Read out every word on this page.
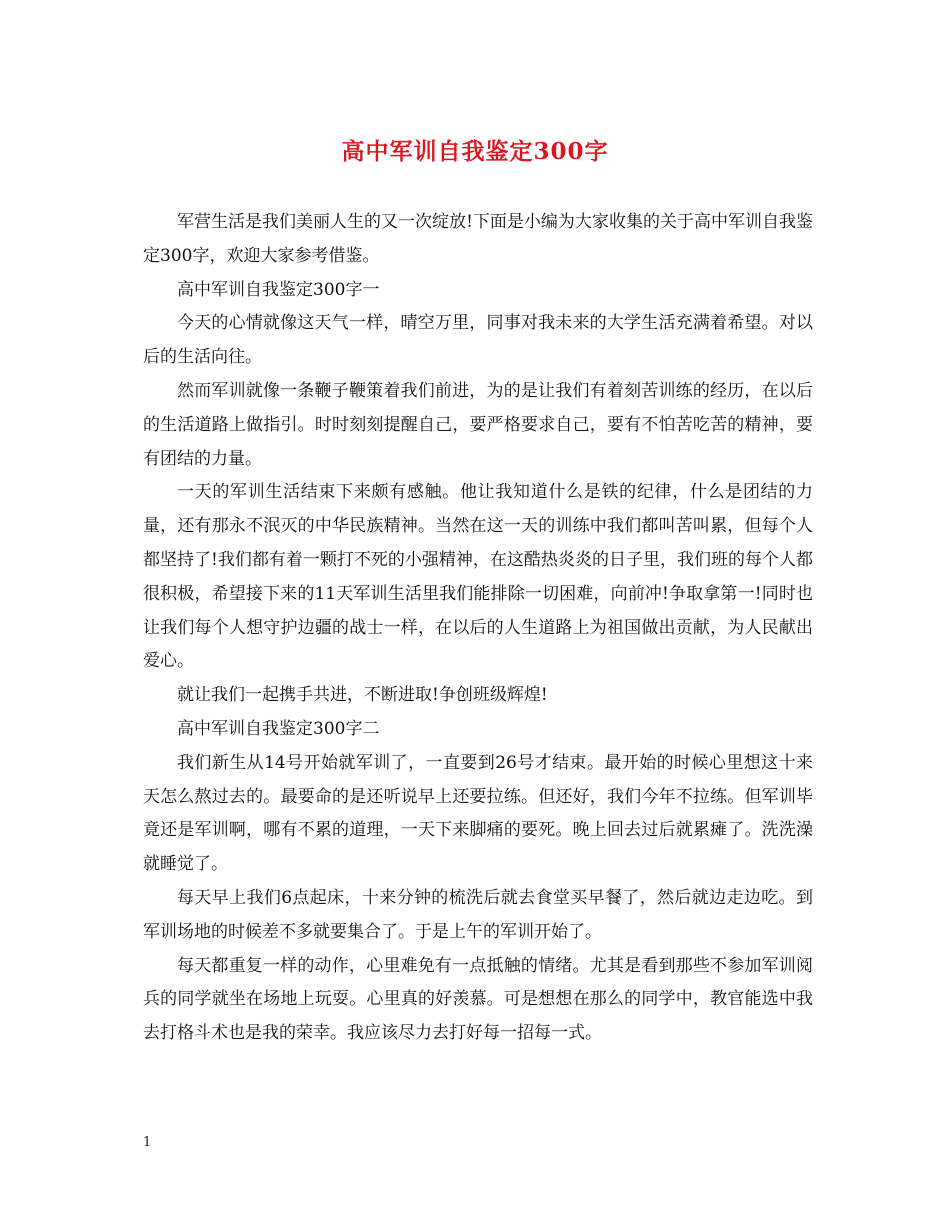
高中军训自我鉴定300字

军营生活是我们美丽人生的又一次绽放!下面是小编为大家收集的关于高中军训自我鉴定300字，欢迎大家参考借鉴。

高中军训自我鉴定300字一

今天的心情就像这天气一样，晴空万里，同事对我未来的大学生活充满着希望。对以后的生活向往。

然而军训就像一条鞭子鞭策着我们前进，为的是让我们有着刻苦训练的经历，在以后的生活道路上做指引。时时刻刻提醒自己，要严格要求自己，要有不怕苦吃苦的精神，要有团结的力量。

一天的军训生活结束下来颇有感触。他让我知道什么是铁的纪律，什么是团结的力量，还有那永不泯灭的中华民族精神。当然在这一天的训练中我们都叫苦叫累，但每个人都坚持了!我们都有着一颗打不死的小强精神，在这酷热炎炎的日子里，我们班的每个人都很积极，希望接下来的11天军训生活里我们能排除一切困难，向前冲!争取拿第一!同时也让我们每个人想守护边疆的战士一样，在以后的人生道路上为祖国做出贡献，为人民献出爱心。

就让我们一起携手共进，不断进取!争创班级辉煌!

高中军训自我鉴定300字二

我们新生从14号开始就军训了，一直要到26号才结束。最开始的时候心里想这十来天怎么熬过去的。最要命的是还听说早上还要拉练。但还好，我们今年不拉练。但军训毕竟还是军训啊，哪有不累的道理，一天下来脚痛的要死。晚上回去过后就累瘫了。洗洗澡就睡觉了。

每天早上我们6点起床，十来分钟的梳洗后就去食堂买早餐了，然后就边走边吃。到军训场地的时候差不多就要集合了。于是上午的军训开始了。

每天都重复一样的动作，心里难免有一点抵触的情绪。尤其是看到那些不参加军训阅兵的同学就坐在场地上玩耍。心里真的好羡慕。可是想想在那么的同学中，教官能选中我去打格斗术也是我的荣幸。我应该尽力去打好每一招每一式。

1
